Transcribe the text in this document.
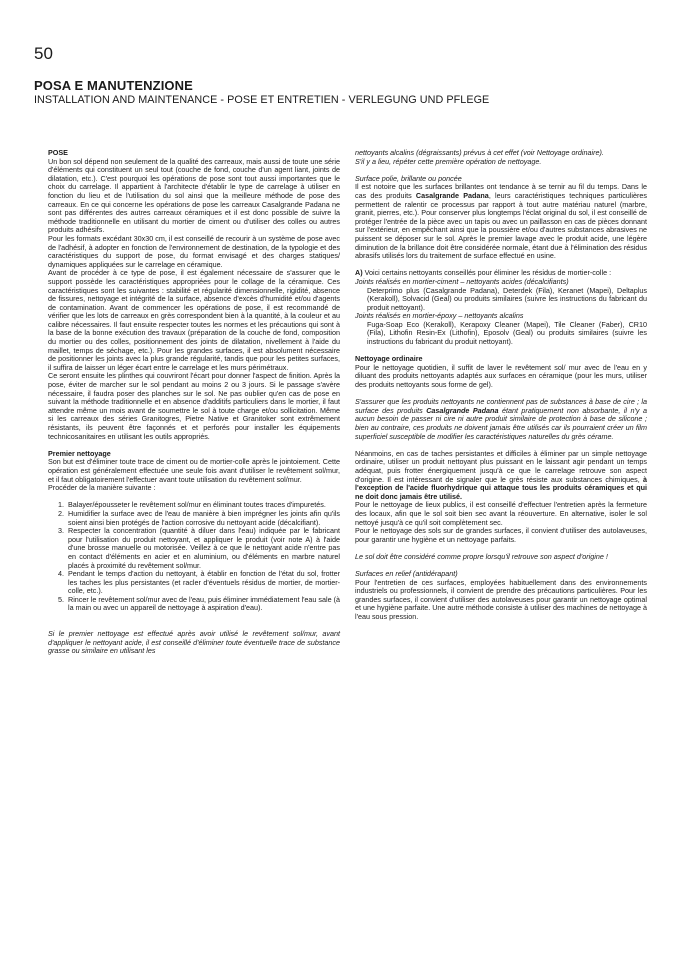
50
POSA E MANUTENZIONE
INSTALLATION AND MAINTENANCE - POSE ET ENTRETIEN - VERLEGUNG UND PFLEGE

POSE

Un bon sol dépend non seulement de la qualité des carreaux, mais aussi de toute une série d'éléments qui constituent un seul tout (couche de fond, couche d'un agent liant, joints de dilatation, etc.). C'est pourquoi les opérations de pose sont tout aussi importantes que le choix du carrelage. Il appartient à l'architecte d'établir le type de carrelage à utiliser en fonction du lieu et de l'utilisation du sol ainsi que la meilleure méthode de pose des carreaux. En ce qui concerne les opérations de pose les carreaux Casalgrande Padana ne sont pas différentes des autres carreaux céramiques et il est donc possible de suivre la méthode traditionnelle en utilisant du mortier de ciment ou d'utiliser des colles ou autres produits adhésifs.

Pour les formats excédant 30x30 cm, il est conseillé de recourir à un système de pose avec de l'adhésif, à adopter en fonction de l'environnement de destination, de la typologie et des caractéristiques du support de pose, du format envisagé et des charges statiques/ dynamiques appliquées sur le carrelage en céramique.

Avant de procéder à ce type de pose, il est également nécessaire de s'assurer que le support possède les caractéristiques appropriées pour le collage de la céramique. Ces caractéristiques sont les suivantes : stabilité et régularité dimensionnelle, rigidité, absence de fissures, nettoyage et intégrité de la surface, absence d'excès d'humidité et/ou d'agents de contamination. Avant de commencer les opérations de pose, il est recommandé de vérifier que les lots de carreaux en grès correspondent bien à la quantité, à la couleur et au calibre nécessaires. Il faut ensuite respecter toutes les normes et les précautions qui sont à la base de la bonne exécution des travaux (préparation de la couche de fond, composition du mortier ou des colles, positionnement des joints de dilatation, nivellement à l'aide du maillet, temps de séchage, etc.). Pour les grandes surfaces, il est absolument nécessaire de positionner les joints avec la plus grande régularité, tandis que pour les petites surfaces, il suffira de laisser un léger écart entre le carrelage et les murs périmétraux.

Ce seront ensuite les plinthes qui couvriront l'écart pour donner l'aspect de finition. Après la pose, éviter de marcher sur le sol pendant au moins 2 ou 3 jours. Si le passage s'avère nécessaire, il faudra poser des planches sur le sol. Ne pas oublier qu'en cas de pose en suivant la méthode traditionnelle et en absence d'additifs particuliers dans le mortier, il faut attendre même un mois avant de soumettre le sol à toute charge et/ou sollicitation. Même si les carreaux des séries Granitogres, Pietre Native et Granitoker sont extrêmement résistants, ils peuvent être façonnés et et perforés pour installer les équipements technicosanitaires en utilisant les outils appropriés.

Premier nettoyage

Son but est d'éliminer toute trace de ciment ou de mortier-colle après le jointoiement. Cette opération est généralement effectuée une seule fois avant d'utiliser le revêtement sol/mur, et il faut obligatoirement l'effectuer avant toute utilisation du revêtement sol/mur.

Procéder de la manière suivante :

1. Balayer/épousseter le revêtement sol/mur en éliminant toutes traces d'impuretés.
2. Humidifier la surface avec de l'eau de manière à bien imprégner les joints afin qu'ils soient ainsi bien protégés de l'action corrosive du nettoyant acide (décalcifiant).
3. Respecter la concentration (quantité à diluer dans l'eau) indiquée par le fabricant pour l'utilisation du produit nettoyant, et appliquer le produit (voir note A) à l'aide d'une brosse manuelle ou motorisée. Veillez à ce que le nettoyant acide n'entre pas en contact d'éléments en acier et en aluminium, ou d'éléments en marbre naturel placés à proximité du revêtement sol/mur.
4. Pendant le temps d'action du nettoyant, à établir en fonction de l'état du sol, frotter les taches les plus persistantes (et racler d'éventuels résidus de mortier, de mortier-colle, etc.).
5. Rincer le revêtement sol/mur avec de l'eau, puis éliminer immédiatement l'eau sale (à la main ou avec un appareil de nettoyage à aspiration d'eau).

Si le premier nettoyage est effectué après avoir utilisé le revêtement sol/mur, avant d'appliquer le nettoyant acide, il est conseillé d'éliminer toute éventuelle trace de substance grasse ou similaire en utilisant les

nettoyants alcalins (dégraissants) prévus à cet effet (voir Nettoyage ordinaire).

S'il y a lieu, répéter cette première opération de nettoyage.

Surface polie, brillante ou poncée

Il est notoire que les surfaces brillantes ont tendance à se ternir au fil du temps. Dans le cas des produits Casalgrande Padana, leurs caractéristiques techniques particulières permettent de ralentir ce processus par rapport à tout autre matériau naturel (marbre, granit, pierres, etc.). Pour conserver plus longtemps l'éclat original du sol, il est conseillé de protéger l'entrée de la pièce avec un tapis ou avec un paillasson en cas de pièces donnant sur l'extérieur, en empêchant ainsi que la poussière et/ou d'autres substances abrasives ne puissent se déposer sur le sol. Après le premier lavage avec le produit acide, une légère diminution de la brillance doit être considérée normale, étant due à l'élimination des résidus abrasifs utilisés lors du traitement de surface effectué en usine.

A) Voici certains nettoyants conseillés pour éliminer les résidus de mortier-colle :

Joints réalisés en mortier-ciment – nettoyants acides (décalcifiants)

Deterprimo plus (Casalgrande Padana), Deterdek (Fila), Keranet (Mapei), Deltaplus (Kerakoll), Solvacid (Geal) ou produits similaires (suivre les instructions du fabricant du produit nettoyant).

Joints réalisés en mortier-époxy – nettoyants alcalins

Fuga-Soap Eco (Kerakoll), Kerapoxy Cleaner (Mapei), Tile Cleaner (Faber), CR10 (Fila), Lithofin Resin-Ex (Lithofin), Eposolv (Geal) ou produits similaires (suivre les instructions du fabricant du produit nettoyant).

Nettoyage ordinaire

Pour le nettoyage quotidien, il suffit de laver le revêtement sol/ mur avec de l'eau en y diluant des produits nettoyants adaptés aux surfaces en céramique (pour les murs, utiliser des produits nettoyants sous forme de gel).

S'assurer que les produits nettoyants ne contiennent pas de substances à base de cire ; la surface des produits Casalgrande Padana étant pratiquement non absorbante, il n'y a aucun besoin de passer ni cire ni autre produit similaire de protection à base de silicone ; bien au contraire, ces produits ne doivent jamais être utilisés car ils pourraient créer un film superficiel susceptible de modifier les caractéristiques naturelles du grès cérame.

Néanmoins, en cas de taches persistantes et difficiles à éliminer par un simple nettoyage ordinaire, utiliser un produit nettoyant plus puissant en le laissant agir pendant un temps adéquat, puis frotter énergiquement jusqu'à ce que le carrelage retrouve son aspect d'origine. Il est intéressant de signaler que le grès résiste aux substances chimiques, à l'exception de l'acide fluorhydrique qui attaque tous les produits céramiques et qui ne doit donc jamais être utilisé.

Pour le nettoyage de lieux publics, il est conseillé d'effectuer l'entretien après la fermeture des locaux, afin que le sol soit bien sec avant la réouverture. En alternative, isoler le sol nettoyé jusqu'à ce qu'il soit complètement sec.

Pour le nettoyage des sols sur de grandes surfaces, il convient d'utiliser des autolaveuses, pour garantir une hygiène et un nettoyage parfaits.

Le sol doit être considéré comme propre lorsqu'il retrouve son aspect d'origine !

Surfaces en relief (antidérapant)

Pour l'entretien de ces surfaces, employées habituellement dans des environnements industriels ou professionnels, il convient de prendre des précautions particulières. Pour les grandes surfaces, il convient d'utiliser des autolaveuses pour garantir un nettoyage optimal et une hygiène parfaite. Une autre méthode consiste à utiliser des machines de nettoyage à l'eau sous pression.
